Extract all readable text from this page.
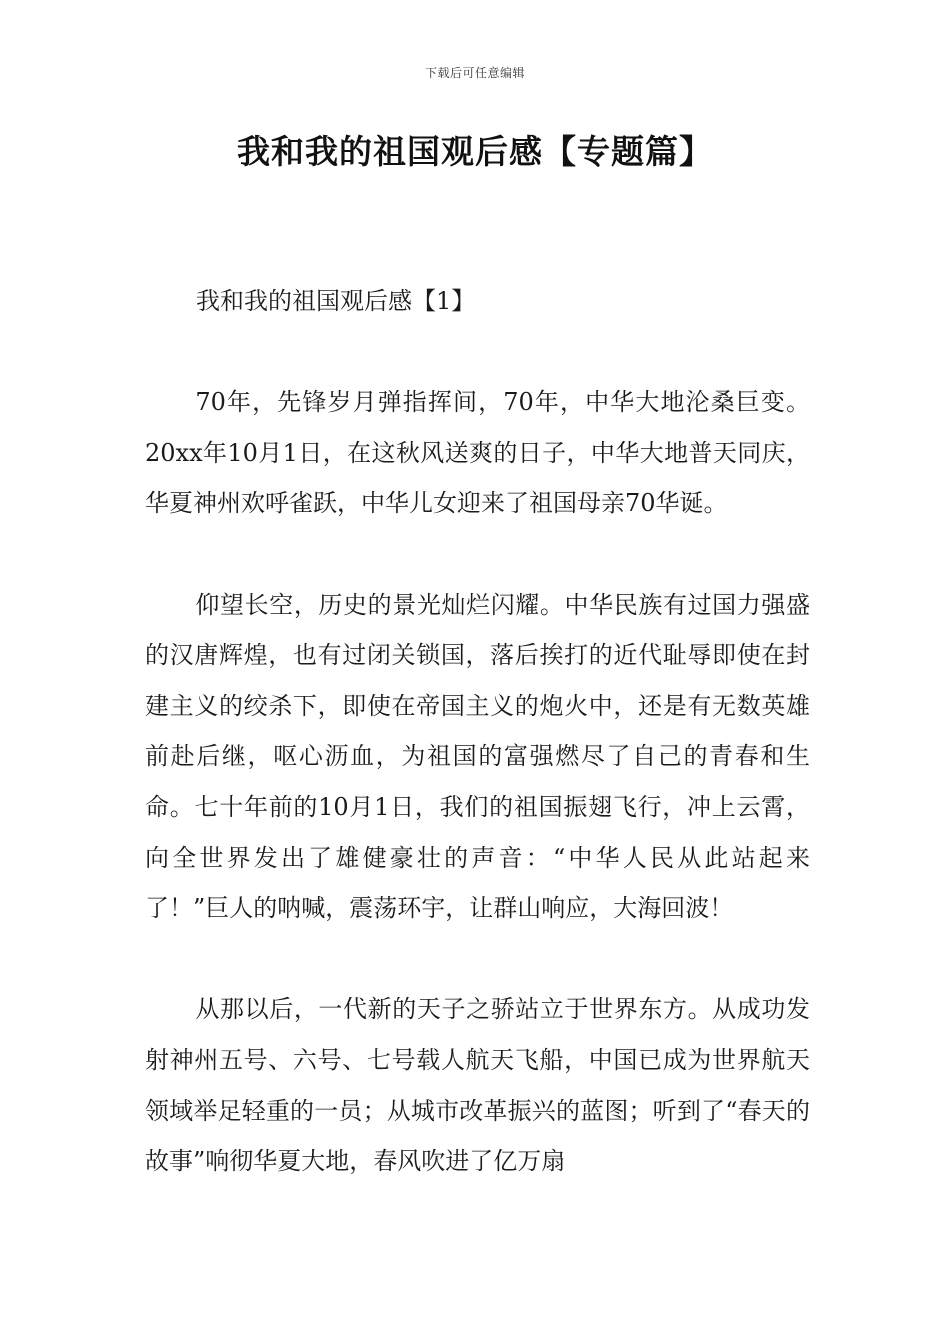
下载后可任意编辑
我和我的祖国观后感【专题篇】

我和我的祖国观后感【1】

70年，先锋岁月弹指挥间，70年，中华大地沦桑巨变。20xx年10月1日，在这秋风送爽的日子，中华大地普天同庆，华夏神州欢呼雀跃，中华儿女迎来了祖国母亲70华诞。

仰望长空，历史的景光灿烂闪耀。中华民族有过国力强盛的汉唐辉煌，也有过闭关锁国，落后挨打的近代耻辱即使在封建主义的绞杀下，即使在帝国主义的炮火中，还是有无数英雄前赴后继，呕心沥血，为祖国的富强燃尽了自己的青春和生命。七十年前的10月1日，我们的祖国振翅飞行，冲上云霄，向全世界发出了雄健豪壮的声音：“中华人民从此站起来了！”巨人的呐喊，震荡环宇，让群山响应，大海回波！

从那以后，一代新的天子之骄站立于世界东方。从成功发射神州五号、六号、七号载人航天飞船，中国已成为世界航天领域举足轻重的一员；从城市改革振兴的蓝图；听到了“春天的故事”响彻华夏大地，春风吹进了亿万扇
